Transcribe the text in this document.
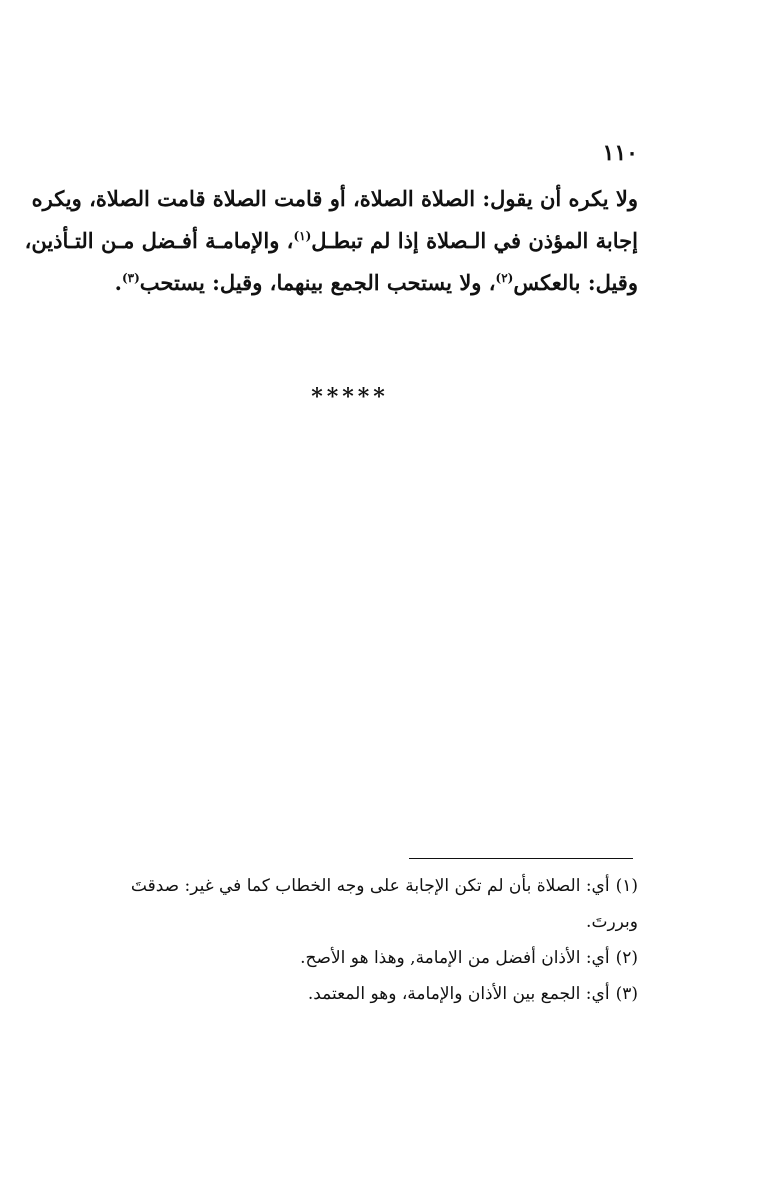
١١٠
ولا يكره أن يقول: الصلاة الصلاة، أو قامت الصلاة قامت الصلاة، ويكره
إجابة المؤذن في الـصلاة إذا لم تبطـل$^{(١)}$، والإمامـة أفـضل مـن التـأذين،
وقيل: بالعكس$^{(٢)}$، ولا يستحب الجمع بينهما، وقيل: يستحب$^{(٣)}$.
*****
(١)أي: الصلاة بأن لم تكن الإجابة على وجه الخطاب كما في غير: صدقتَ
وبررتَ.
(٢)أي: الأذان أفضل من الإمامة, وهذا هو الأصح.
(٣)أي: الجمع بين الأذان والإمامة، وهو المعتمد.
